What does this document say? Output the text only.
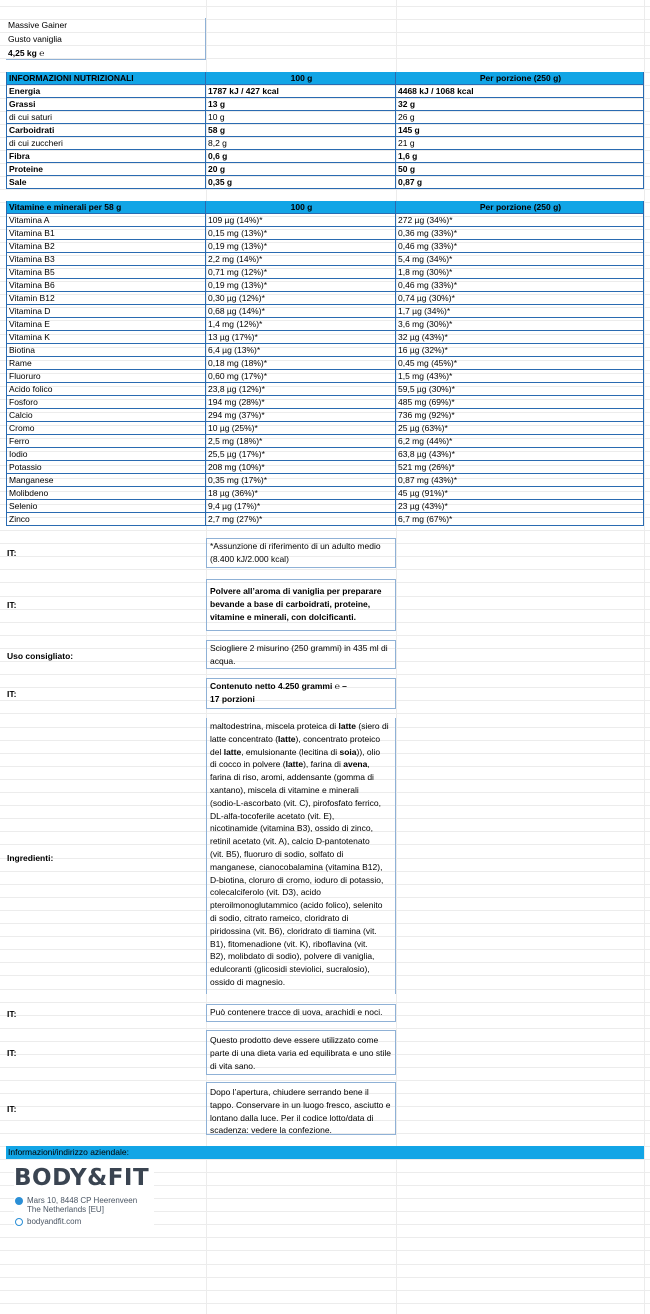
Massive Gainer
Gusto vaniglia
4,25 kg ℮
INFORMAZIONI NUTRIZIONALI	100 g	Per porzione (250 g)
Energia	1787 kJ / 427 kcal	4468 kJ / 1068 kcal
Grassi	13 g	32 g
di cui saturi	10 g	26 g
Carboidrati	58 g	145 g
di cui zuccheri	8,2 g	21 g
Fibra	0,6 g	1,6 g
Proteine	20 g	50 g
Sale	0,35 g	0,87 g
Vitamine e minerali per 58 g	100 g	Per porzione (250 g)
Vitamina A	109 µg (14%)*	272 µg (34%)*
Vitamina B1	0,15 mg (13%)*	0,36 mg (33%)*
Vitamina B2	0,19 mg (13%)*	0,46 mg (33%)*
Vitamina B3	2,2 mg (14%)*	5,4 mg (34%)*
Vitamina B5	0,71 mg (12%)*	1,8 mg (30%)*
Vitamina B6	0,19 mg (13%)*	0,46 mg (33%)*
Vitamin B12	0,30 µg (12%)*	0,74 µg (30%)*
Vitamina D	0,68 µg (14%)*	1,7 µg (34%)*
Vitamina E	1,4 mg (12%)*	3,6 mg (30%)*
Vitamina K	13 µg (17%)*	32 µg (43%)*
Biotina	6,4 µg (13%)*	16 µg (32%)*
Rame	0,18 mg (18%)*	0,45 mg (45%)*
Fluoruro	0,60 mg (17%)*	1,5 mg (43%)*
Acido folico	23,8 µg (12%)*	59,5 µg (30%)*
Fosforo	194 mg (28%)*	485 mg (69%)*
Calcio	294 mg (37%)*	736 mg (92%)*
Cromo	10 µg (25%)*	25 µg (63%)*
Ferro	2,5 mg (18%)*	6,2 mg (44%)*
Iodio	25,5 µg (17%)*	63,8 µg (43%)*
Potassio	208 mg (10%)*	521 mg (26%)*
Manganese	0,35 mg (17%)*	0,87 mg (43%)*
Molibdeno	18 µg (36%)*	45 µg (91%)*
Selenio	9,4 µg (17%)*	23 µg (43%)*
Zinco	2,7 mg (27%)*	6,7 mg (67%)*
IT:
*Assunzione di riferimento di un adulto medio (8.400 kJ/2.000 kcal)
IT:
Polvere all’aroma di vaniglia per preparare bevande a base di carboidrati, proteine, vitamine e minerali, con dolcificanti.
Uso consigliato:
Sciogliere 2 misurino (250 grammi) in 435 ml di acqua.
IT:
Contenuto netto 4.250 grammi ℮ –
17 porzioni
Ingredienti:
maltodestrina, miscela proteica di latte (siero di
latte concentrato (latte), concentrato proteico
del latte, emulsionante (lecitina di soia)), olio
di cocco in polvere (latte), farina di avena,
farina di riso, aromi, addensante (gomma di
xantano), miscela di vitamine e minerali
(sodio-L-ascorbato (vit. C), pirofosfato ferrico,
DL-alfa-tocoferile acetato (vit. E),
nicotinamide (vitamina B3), ossido di zinco,
retinil acetato (vit. A), calcio D-pantotenato
(vit. B5), fluoruro di sodio, solfato di
manganese, cianocobalamina (vitamina B12),
D-biotina, cloruro di cromo, ioduro di potassio,
colecalciferolo (vit. D3), acido
pteroilmonoglutammico (acido folico), selenito
di sodio, citrato rameico, cloridrato di
piridossina (vit. B6), cloridrato di tiamina (vit.
B1), fitomenadione (vit. K), riboflavina (vit.
B2), molibdato di sodio), polvere di vaniglia,
edulcoranti (glicosidi steviolici, sucralosio),
ossido di magnesio.
IT:	Può contenere tracce di uova, arachidi e noci.
IT:
Questo prodotto deve essere utilizzato come parte di una dieta varia ed equilibrata e uno stile di vita sano.
IT:
Dopo l’apertura, chiudere serrando bene il tappo. Conservare in un luogo fresco, asciutto e lontano dalla luce. Per il codice lotto/data di scadenza: vedere la confezione.
Informazioni/indirizzo aziendale:
BODY&FIT
Mars 10, 8448 CP Heerenveen
The Netherlands [EU]
bodyandfit.com
